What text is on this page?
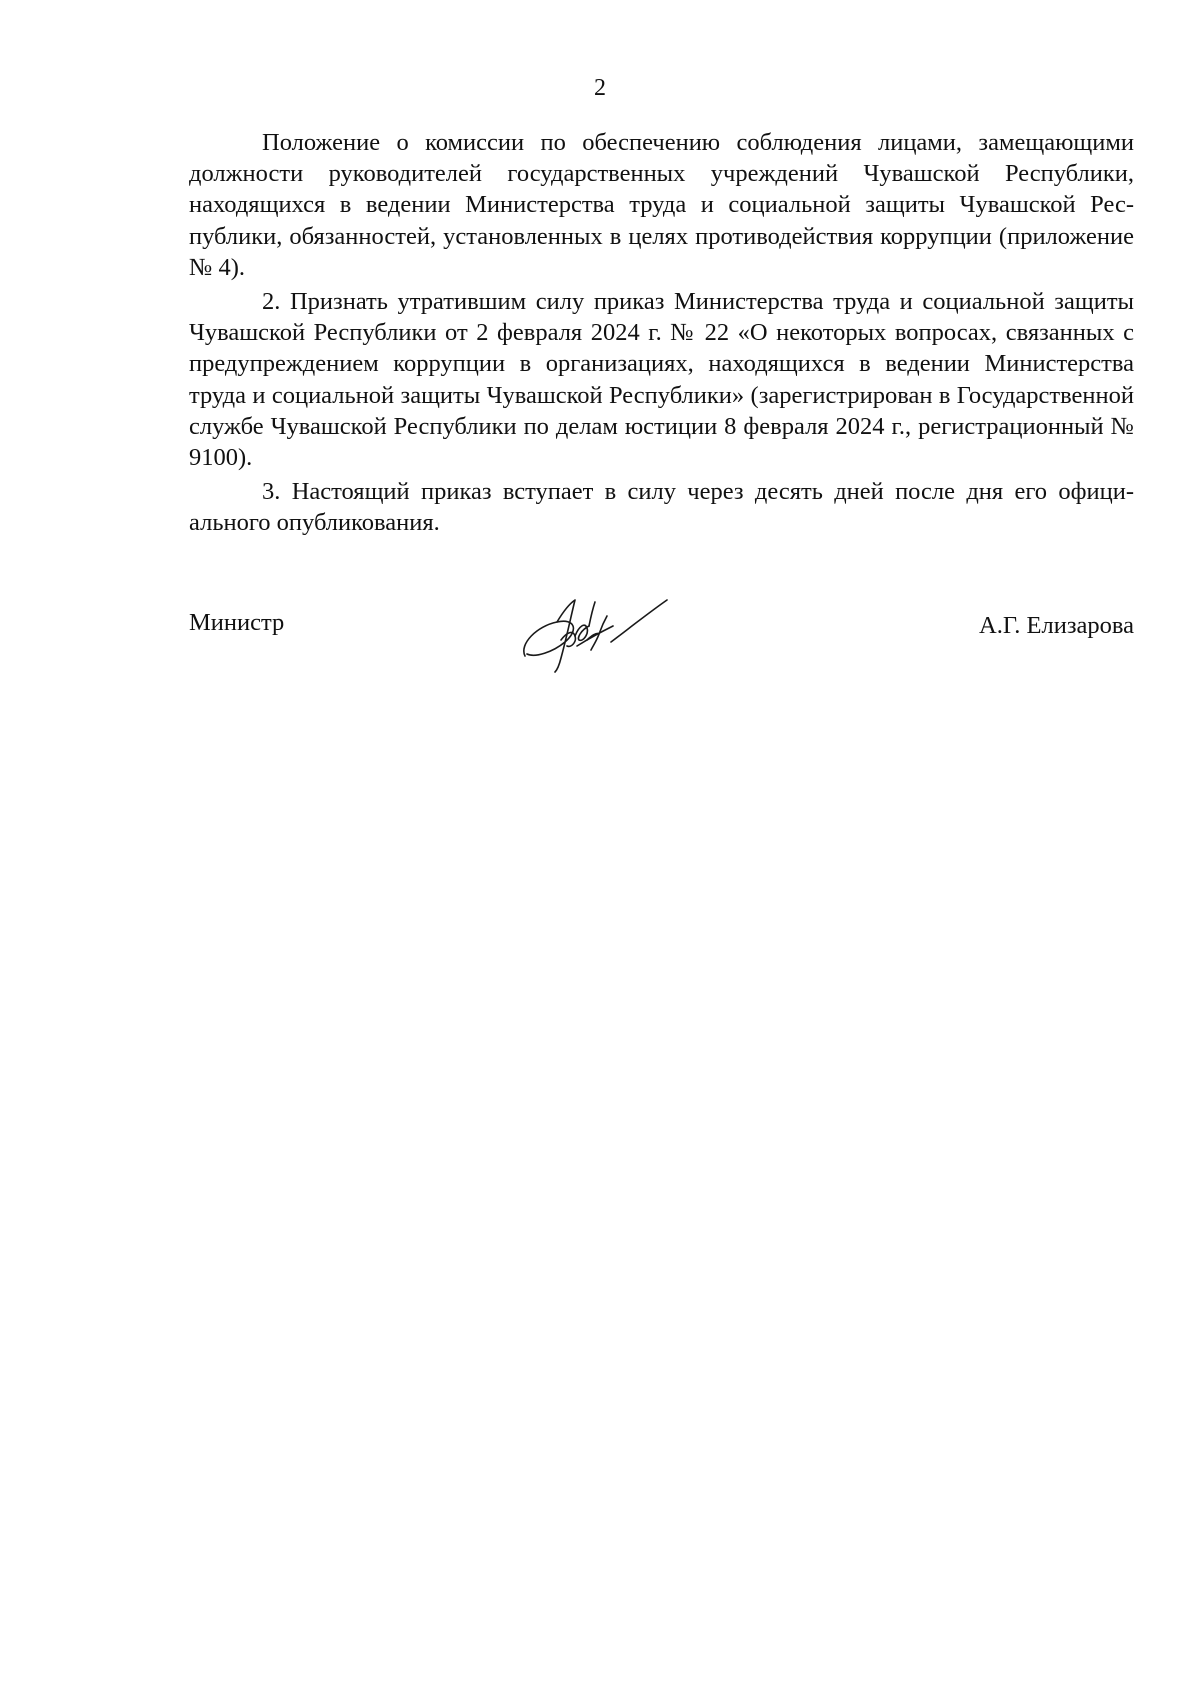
2

Положение о комиссии по обеспечению соблюдения лицами, замещающими должности руководителей государственных учреждений Чувашской Республики, находящихся в ведении Министерства труда и социальной защиты Чувашской Республики, обязанностей, установленных в целях противодействия коррупции (приложение № 4).

2. Признать утратившим силу приказ Министерства труда и социальной защиты Чувашской Республики от 2 февраля 2024 г. № 22 «О некоторых вопросах, связанных с предупреждением коррупции в организациях, находящихся в ведении Министерства труда и социальной защиты Чувашской Республики» (зарегистрирован в Государственной службе Чувашской Республики по делам юстиции 8 февраля 2024 г., регистрационный № 9100).

3. Настоящий приказ вступает в силу через десять дней после дня его официального опубликования.

Министр	А.Г. Елизарова
